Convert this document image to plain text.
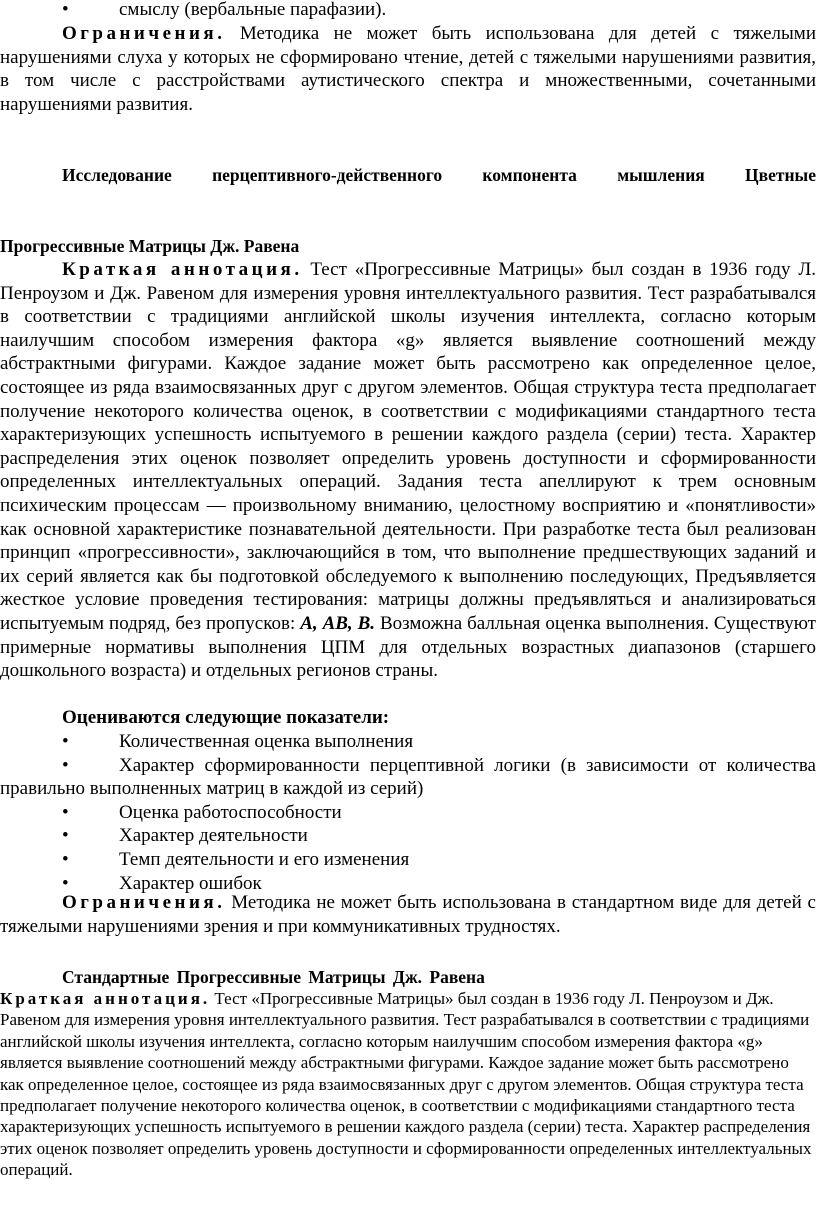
•	смыслу (вербальные парафазии).

Ограничения. Методика не может быть использована для детей с тяжелыми нарушениями слуха у которых не сформировано чтение, детей с тяжелыми нарушениями развития, в том числе с расстройствами аутистического спектра и множественными, сочетанными нарушениями развития.

Исследование перцептивного-действенного компонента мышления Цветные
Прогрессивные Матрицы Дж. Равена

Краткая аннотация. Тест «Прогрессивные Матрицы» был создан в 1936 году Л. Пенроузом и Дж. Равеном для измерения уровня интеллектуального развития. Тест разрабатывался в соответствии с традициями английской школы изучения интеллекта, согласно которым наилучшим способом измерения фактора «g» является выявление соотношений между абстрактными фигурами. Каждое задание может быть рассмотрено как определенное целое, состоящее из ряда взаимосвязанных друг с другом элементов. Общая структура теста предполагает получение некоторого количества оценок, в соответствии с модификациями стандартного теста характеризующих успешность испытуемого в решении каждого раздела (серии) теста. Характер распределения этих оценок позволяет определить уровень доступности и сформированности определенных интеллектуальных операций. Задания теста апеллируют к трем основным психическим процессам — произвольному вниманию, целостному восприятию и «понятливости» как основной характеристике познавательной деятельности. При разработке теста был реализован принцип «прогрессивности», заключающийся в том, что выполнение предшествующих заданий и их серий является как бы подготовкой обследуемого к выполнению последующих, Предъявляется жесткое условие проведения тестирования: матрицы должны предъявляться и анализироваться испытуемым подряд, без пропусков: А, АВ, В. Возможна балльная оценка выполнения. Существуют примерные нормативы выполнения ЦПМ для отдельных возрастных диапазонов (старшего дошкольного возраста) и отдельных регионов страны.

Оцениваются следующие показатели:
•	Количественная оценка выполнения
•	Характер сформированности перцептивной логики (в зависимости от количества правильно выполненных матриц в каждой из серий)
•	Оценка работоспособности
•	Характер деятельности
•	Темп деятельности и его изменения
•	Характер ошибок

Ограничения. Методика не может быть использована в стандартном виде для детей с тяжелыми нарушениями зрения и при коммуникативных трудностях.

Стандартные Прогрессивные Матрицы Дж. Равена

Краткая аннотация. Тест «Прогрессивные Матрицы» был создан в 1936 году Л. Пенроузом и Дж. Равеном для измерения уровня интеллектуального развития. Тест разрабатывался в соответствии с традициями английской школы изучения интеллекта, согласно которым наилучшим способом измерения фактора «g» является выявление соотношений между абстрактными фигурами. Каждое задание может быть рассмотрено как определенное целое, состоящее из ряда взаимосвязанных друг с другом элементов. Общая структура теста предполагает получение некоторого количества оценок, в соответствии с модификациями стандартного теста характеризующих успешность испытуемого в решении каждого раздела (серии) теста. Характер распределения этих оценок позволяет определить уровень доступности и сформированности определенных интеллектуальных операций.
